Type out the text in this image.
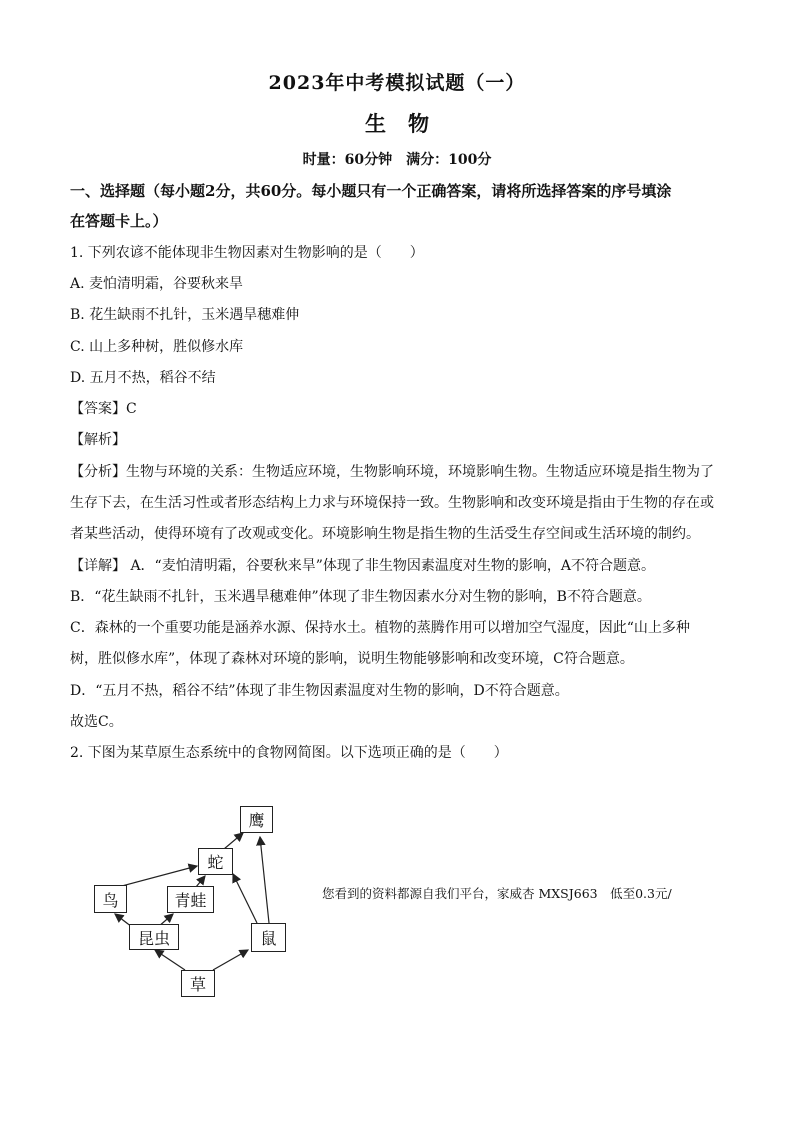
2023年中考模拟试题（一）
生物
时量：60分钟　满分：100分
一、选择题（每小题2分，共60分。每小题只有一个正确答案，请将所选择答案的序号填涂
在答题卡上。）
1. 下列农谚不能体现非生物因素对生物影响的是（　　）
A. 麦怕清明霜，谷要秋来旱
B. 花生缺雨不扎针，玉米遇旱穗难伸
C. 山上多种树，胜似修水库
D. 五月不热，稻谷不结
【答案】C
【解析】
【分析】生物与环境的关系：生物适应环境，生物影响环境，环境影响生物。生物适应环境是指生物为了
生存下去，在生活习性或者形态结构上力求与环境保持一致。生物影响和改变环境是指由于生物的存在或
者某些活动，使得环境有了改观或变化。环境影响生物是指生物的生活受生存空间或生活环境的制约。
【详解】 A．“麦怕清明霜，谷要秋来旱”体现了非生物因素温度对生物的影响，A不符合题意。
B．“花生缺雨不扎针，玉米遇旱穗难伸”体现了非生物因素水分对生物的影响，B不符合题意。
C．森林的一个重要功能是涵养水源、保持水土。植物的蒸腾作用可以增加空气湿度，因此“山上多种
树，胜似修水库”，体现了森林对环境的影响，说明生物能够影响和改变环境，C符合题意。
D．“五月不热，稻谷不结”体现了非生物因素温度对生物的影响，D不符合题意。
故选C。
2. 下图为某草原生态系统中的食物网简图。以下选项正确的是（　　）
鹰
蛇
鸟	青蛙
昆虫	鼠
草
您看到的资料都源自我们平台，家威杏 MXSJ663　低至0.3元/
